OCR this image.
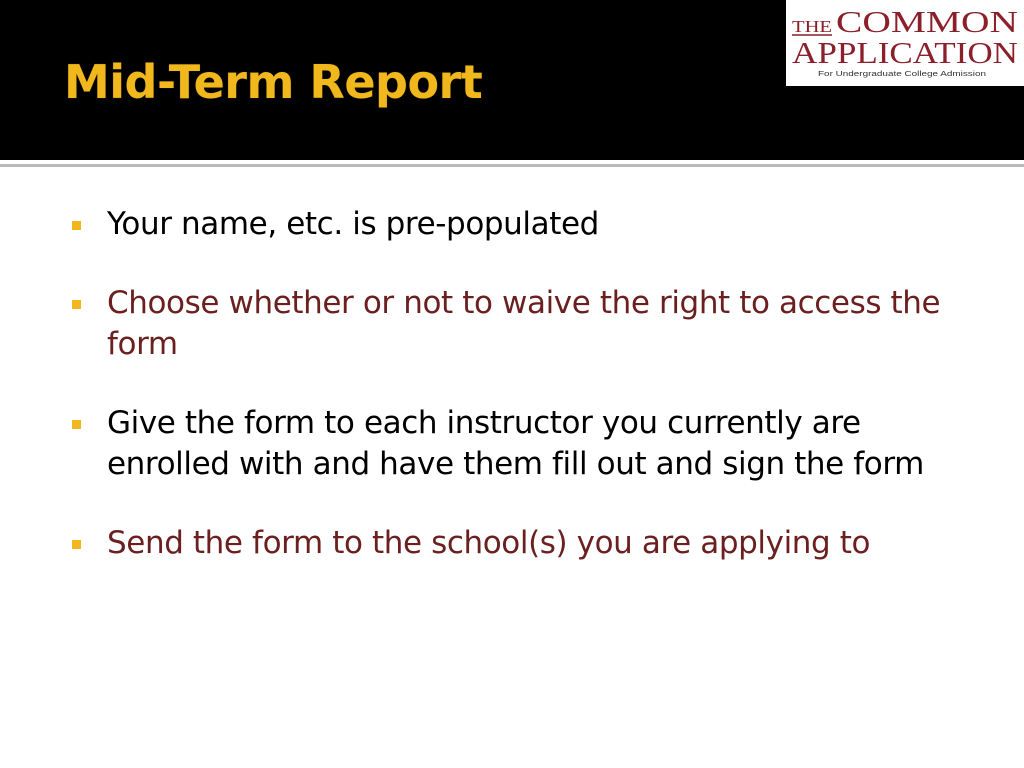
Mid-Term Report
THE COMMON
APPLICATION
For Undergraduate College Admission
Your name, etc. is pre-populated
Choose whether or not to waive the right to access the form
Give the form to each instructor you currently are enrolled with and have them fill out and sign the form
Send the form to the school(s) you are applying to
